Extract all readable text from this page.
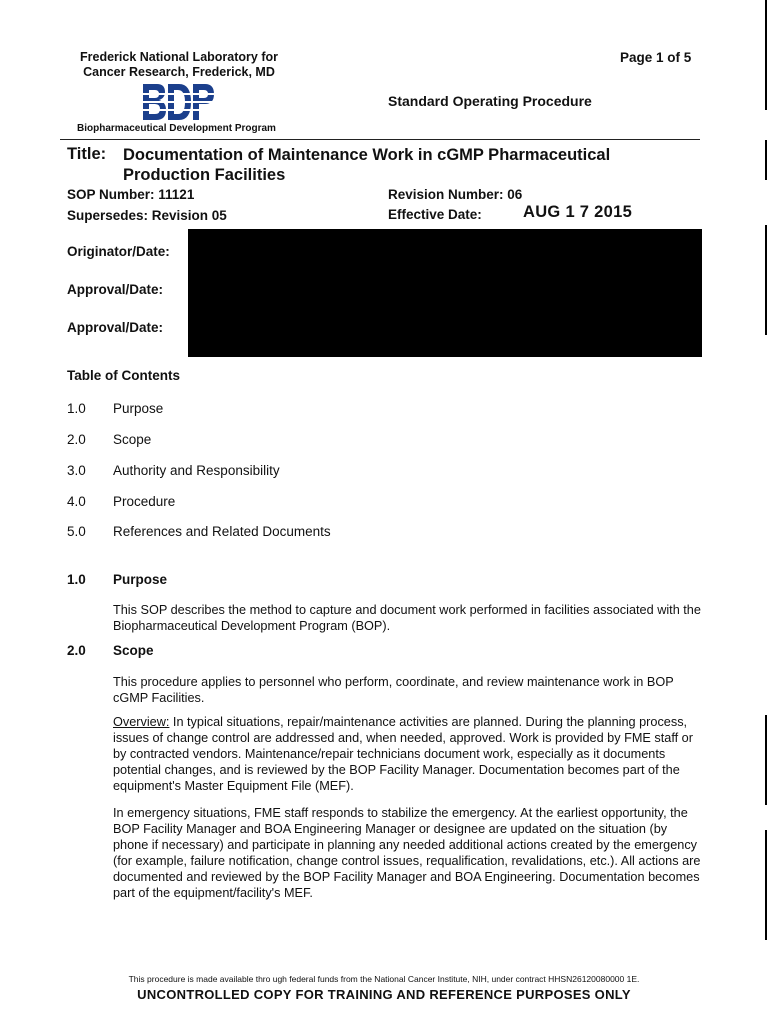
Frederick National Laboratory for
Cancer Research, Frederick, MD
Biopharmaceutical Development Program
Page 1 of 5
Standard Operating Procedure
Title: Documentation of Maintenance Work in cGMP Pharmaceutical Production Facilities
SOP Number: 11121
Supersedes: Revision 05
Revision Number: 06
Effective Date: AUG 1 7 2015
Originator/Date:
Approval/Date:
Approval/Date:
Table of Contents
1.0 Purpose
2.0 Scope
3.0 Authority and Responsibility
4.0 Procedure
5.0 References and Related Documents
1.0 Purpose
This SOP describes the method to capture and document work performed in facilities associated with the Biopharmaceutical Development Program (BOP).
2.0 Scope
This procedure applies to personnel who perform, coordinate, and review maintenance work in BOP cGMP Facilities.
Overview: In typical situations, repair/maintenance activities are planned. During the planning process, issues of change control are addressed and, when needed, approved. Work is provided by FME staff or by contracted vendors. Maintenance/repair technicians document work, especially as it documents potential changes, and is reviewed by the BOP Facility Manager. Documentation becomes part of the equipment's Master Equipment File (MEF).
In emergency situations, FME staff responds to stabilize the emergency. At the earliest opportunity, the BOP Facility Manager and BOA Engineering Manager or designee are updated on the situation (by phone if necessary) and participate in planning any needed additional actions created by the emergency (for example, failure notification, change control issues, requalification, revalidations, etc.). All actions are documented and reviewed by the BOP Facility Manager and BOA Engineering. Documentation becomes part of the equipment/facility's MEF.
This procedure is made available thro ugh federal funds from the National Cancer Institute, NIH, under contract HHSN26120080000 1E.
UNCONTROLLED COPY FOR TRAINING AND REFERENCE PURPOSES ONLY
